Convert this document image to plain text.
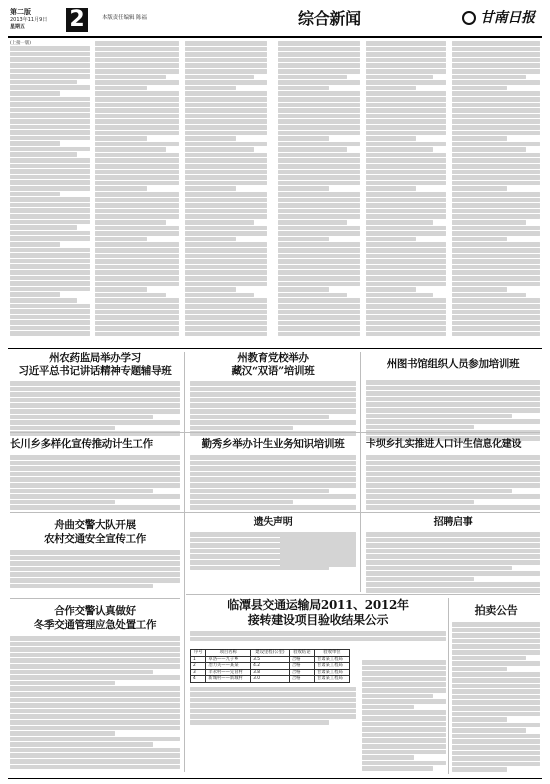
第二版
2013年11月9日
星期五 2	本版责任编辑 陈福	综合新闻	甘南日报
(上接一版)
州农药监局举办学习
习近平总书记讲话精神专题辅导班
州教育党校举办
藏汉“双语”培训班
州图书馆组织人员参加培训班
长川乡多样化宣传推动计生工作	勤秀乡举办计生业务知识培训班	卡坝乡扎实推进人口计生信息化建设
舟曲交警大队开展
农村交通安全宣传工作
合作交警认真做好
冬季交通管理应急处置工作
遗失声明	招聘启事
临潭县交通运输局2011、2012年
接转建设项目验收结果公示
序号	项目名称	建设里程(公里)	验收结论	验收单位
1	卓洛——九子乡	3.5	合格	甘肃某工程局
2	冶力关——某某	4.2	合格	甘肃某工程局
3	羊永村——完冒村	3.8	合格	甘肃某工程局
4	新城村——新城村	3.0	合格	甘肃某工程局
拍卖公告
